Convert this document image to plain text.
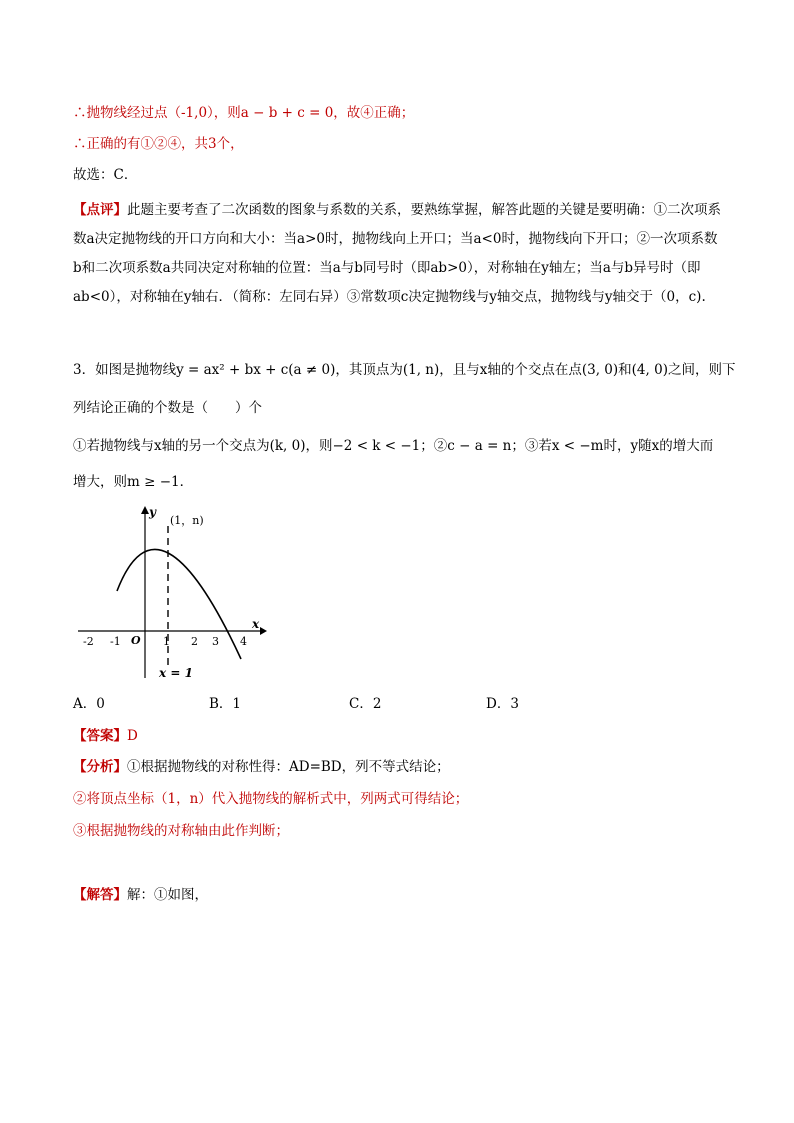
∴抛物线经过点（-1,0），则a − b + c = 0，故④正确；
∴正确的有①②④，共3个，
故选：C．
【点评】此题主要考查了二次函数的图象与系数的关系，要熟练掌握，解答此题的关键是要明确：①二次项系数a决定抛物线的开口方向和大小：当a>0时，抛物线向上开口；当a<0时，抛物线向下开口；②一次项系数b和二次项系数a共同决定对称轴的位置：当a与b同号时（即ab>0），对称轴在y轴左；当a与b异号时（即ab<0），对称轴在y轴右．（简称：左同右异）③常数项c决定抛物线与y轴交点，抛物线与y轴交于（0，c).
3．如图是抛物线y = ax² + bx + c(a ≠ 0)，其顶点为(1, n)，且与x轴的个交点在点(3, 0)和(4, 0)之间，则下
列结论正确的个数是（　　）个
①若抛物线与x轴的另一个交点为(k, 0)，则−2 < k < −1；②c − a = n；③若x < −m时，y随x的增大而
增大，则m ≥ −1．
y
x
O
(1，n)
x = 1
-2 -1	1 2 3 4
A．0	B．1	C．2	D．3
【答案】D
【分析】①根据抛物线的对称性得：AD=BD，列不等式结论；
②将顶点坐标（1，n）代入抛物线的解析式中，列两式可得结论；
③根据抛物线的对称轴由此作判断；
【解答】解：①如图，
